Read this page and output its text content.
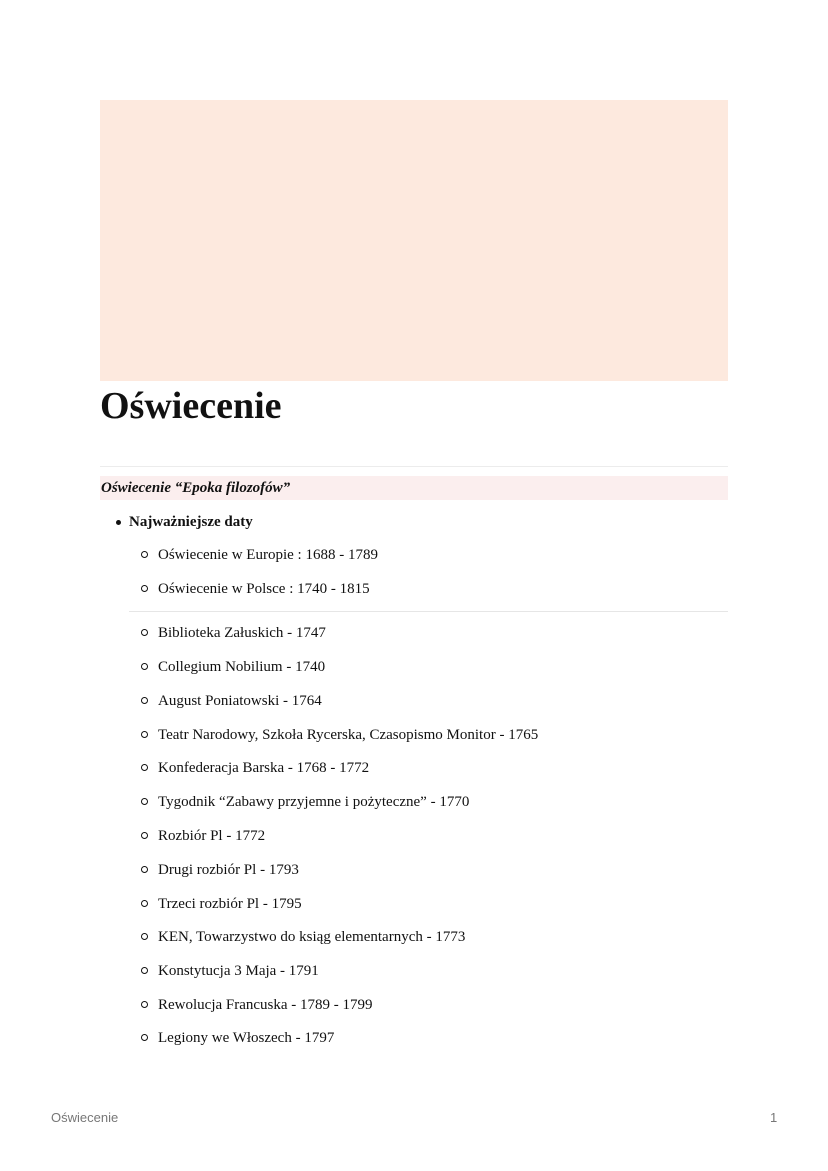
Oświecenie
Oświecenie “Epoka filozofów”
Najważniejsze daty
Oświecenie w Europie : 1688 - 1789
Oświecenie w Polsce : 1740 - 1815
Biblioteka Załuskich - 1747
Collegium Nobilium - 1740
August Poniatowski - 1764
Teatr Narodowy, Szkoła Rycerska, Czasopismo Monitor - 1765
Konfederacja Barska - 1768 - 1772
Tygodnik “Zabawy przyjemne i pożyteczne” - 1770
Rozbiór Pl - 1772
Drugi rozbiór Pl - 1793
Trzeci rozbiór Pl - 1795
KEN, Towarzystwo do ksiąg elementarnych - 1773
Konstytucja 3 Maja - 1791
Rewolucja Francuska - 1789 - 1799
Legiony we Włoszech - 1797
Oświecenie	1
